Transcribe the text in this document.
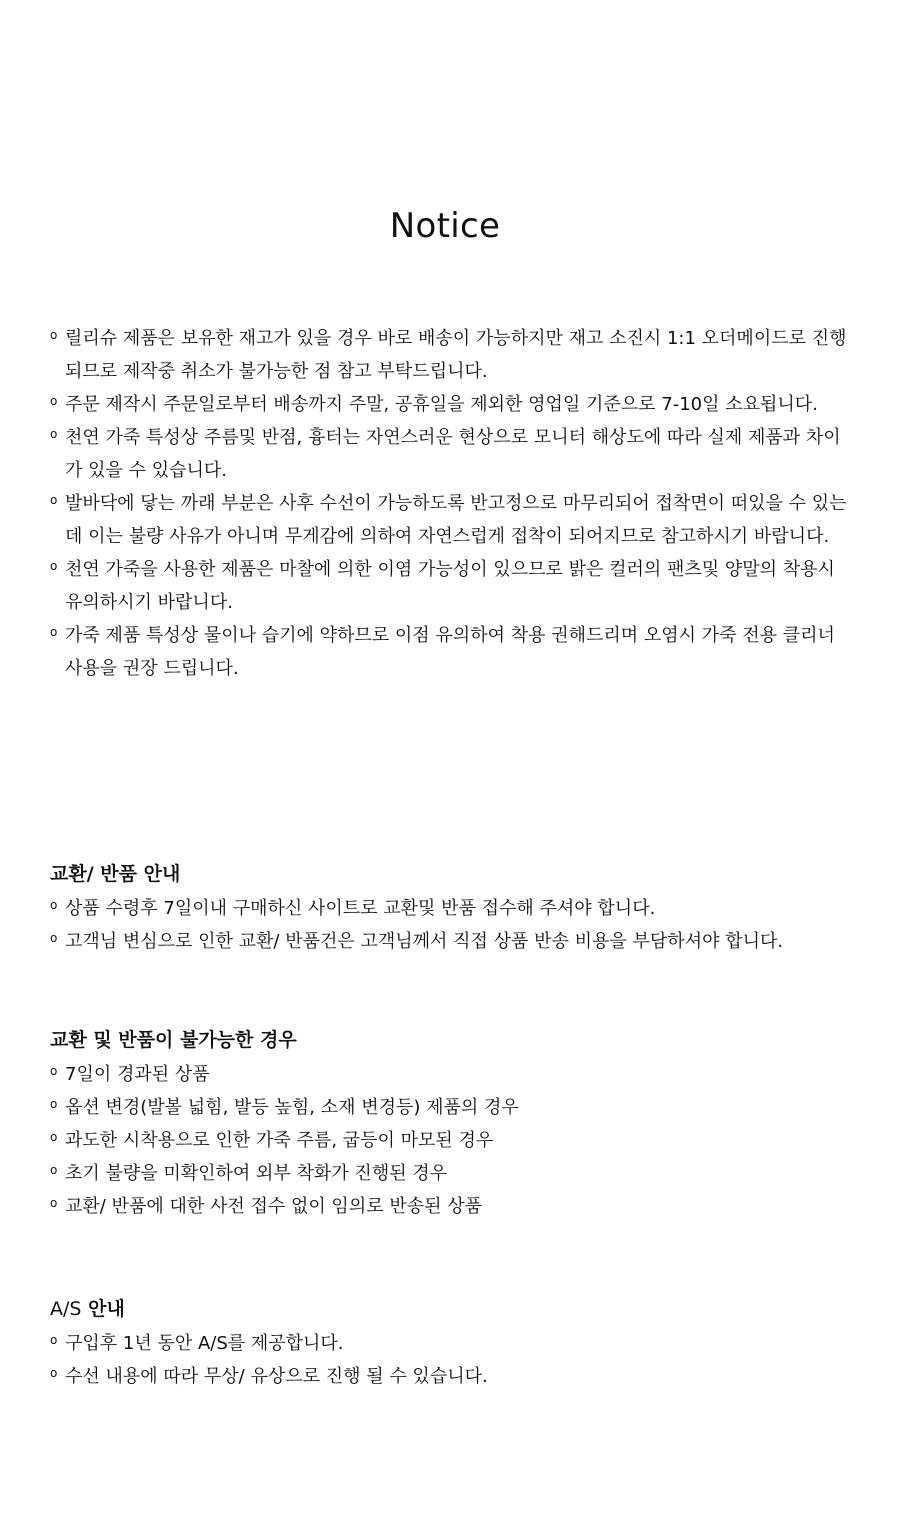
Notice
o 릴리슈 제품은 보유한 재고가 있을 경우 바로 배송이 가능하지만 재고 소진시 1:1 오더메이드로 진행되므로 제작중 취소가 불가능한 점 참고 부탁드립니다.
o 주문 제작시 주문일로부터 배송까지 주말, 공휴일을 제외한 영업일 기준으로 7-10일 소요됩니다.
o 천연 가죽 특성상 주름및 반점, 흉터는 자연스러운 현상으로 모니터 해상도에 따라 실제 제품과 차이가 있을 수 있습니다.
o 발바닥에 닿는 까래 부분은 사후 수선이 가능하도록 반고정으로 마무리되어 접착면이 떠있을 수 있는데 이는 불량 사유가 아니며 무게감에 의하여 자연스럽게 접착이 되어지므로 참고하시기 바랍니다.
o 천연 가죽을 사용한 제품은 마찰에 의한 이염 가능성이 있으므로 밝은 컬러의 팬츠및 양말의 착용시 유의하시기 바랍니다.
o 가죽 제품 특성상 물이나 습기에 약하므로 이점 유의하여 착용 권해드리며 오염시 가죽 전용 클리너 사용을 권장 드립니다.
교환/ 반품 안내
o 상품 수령후 7일이내 구매하신 사이트로 교환및 반품 접수해 주셔야 합니다.
o 고객님 변심으로 인한 교환/ 반품건은 고객님께서 직접 상품 반송 비용을 부담하셔야 합니다.
교환 및 반품이 불가능한 경우
o 7일이 경과된 상품
o 옵션 변경(발볼 넓힘, 발등 높힘, 소재 변경등) 제품의 경우
o 과도한 시착용으로 인한 가죽 주름, 굽등이 마모된 경우
o 초기 불량을 미확인하여 외부 착화가 진행된 경우
o 교환/ 반품에 대한 사전 접수 없이 임의로 반송된 상품
A/S 안내
o 구입후 1년 동안 A/S를 제공합니다.
o 수선 내용에 따라 무상/ 유상으로 진행 될 수 있습니다.
